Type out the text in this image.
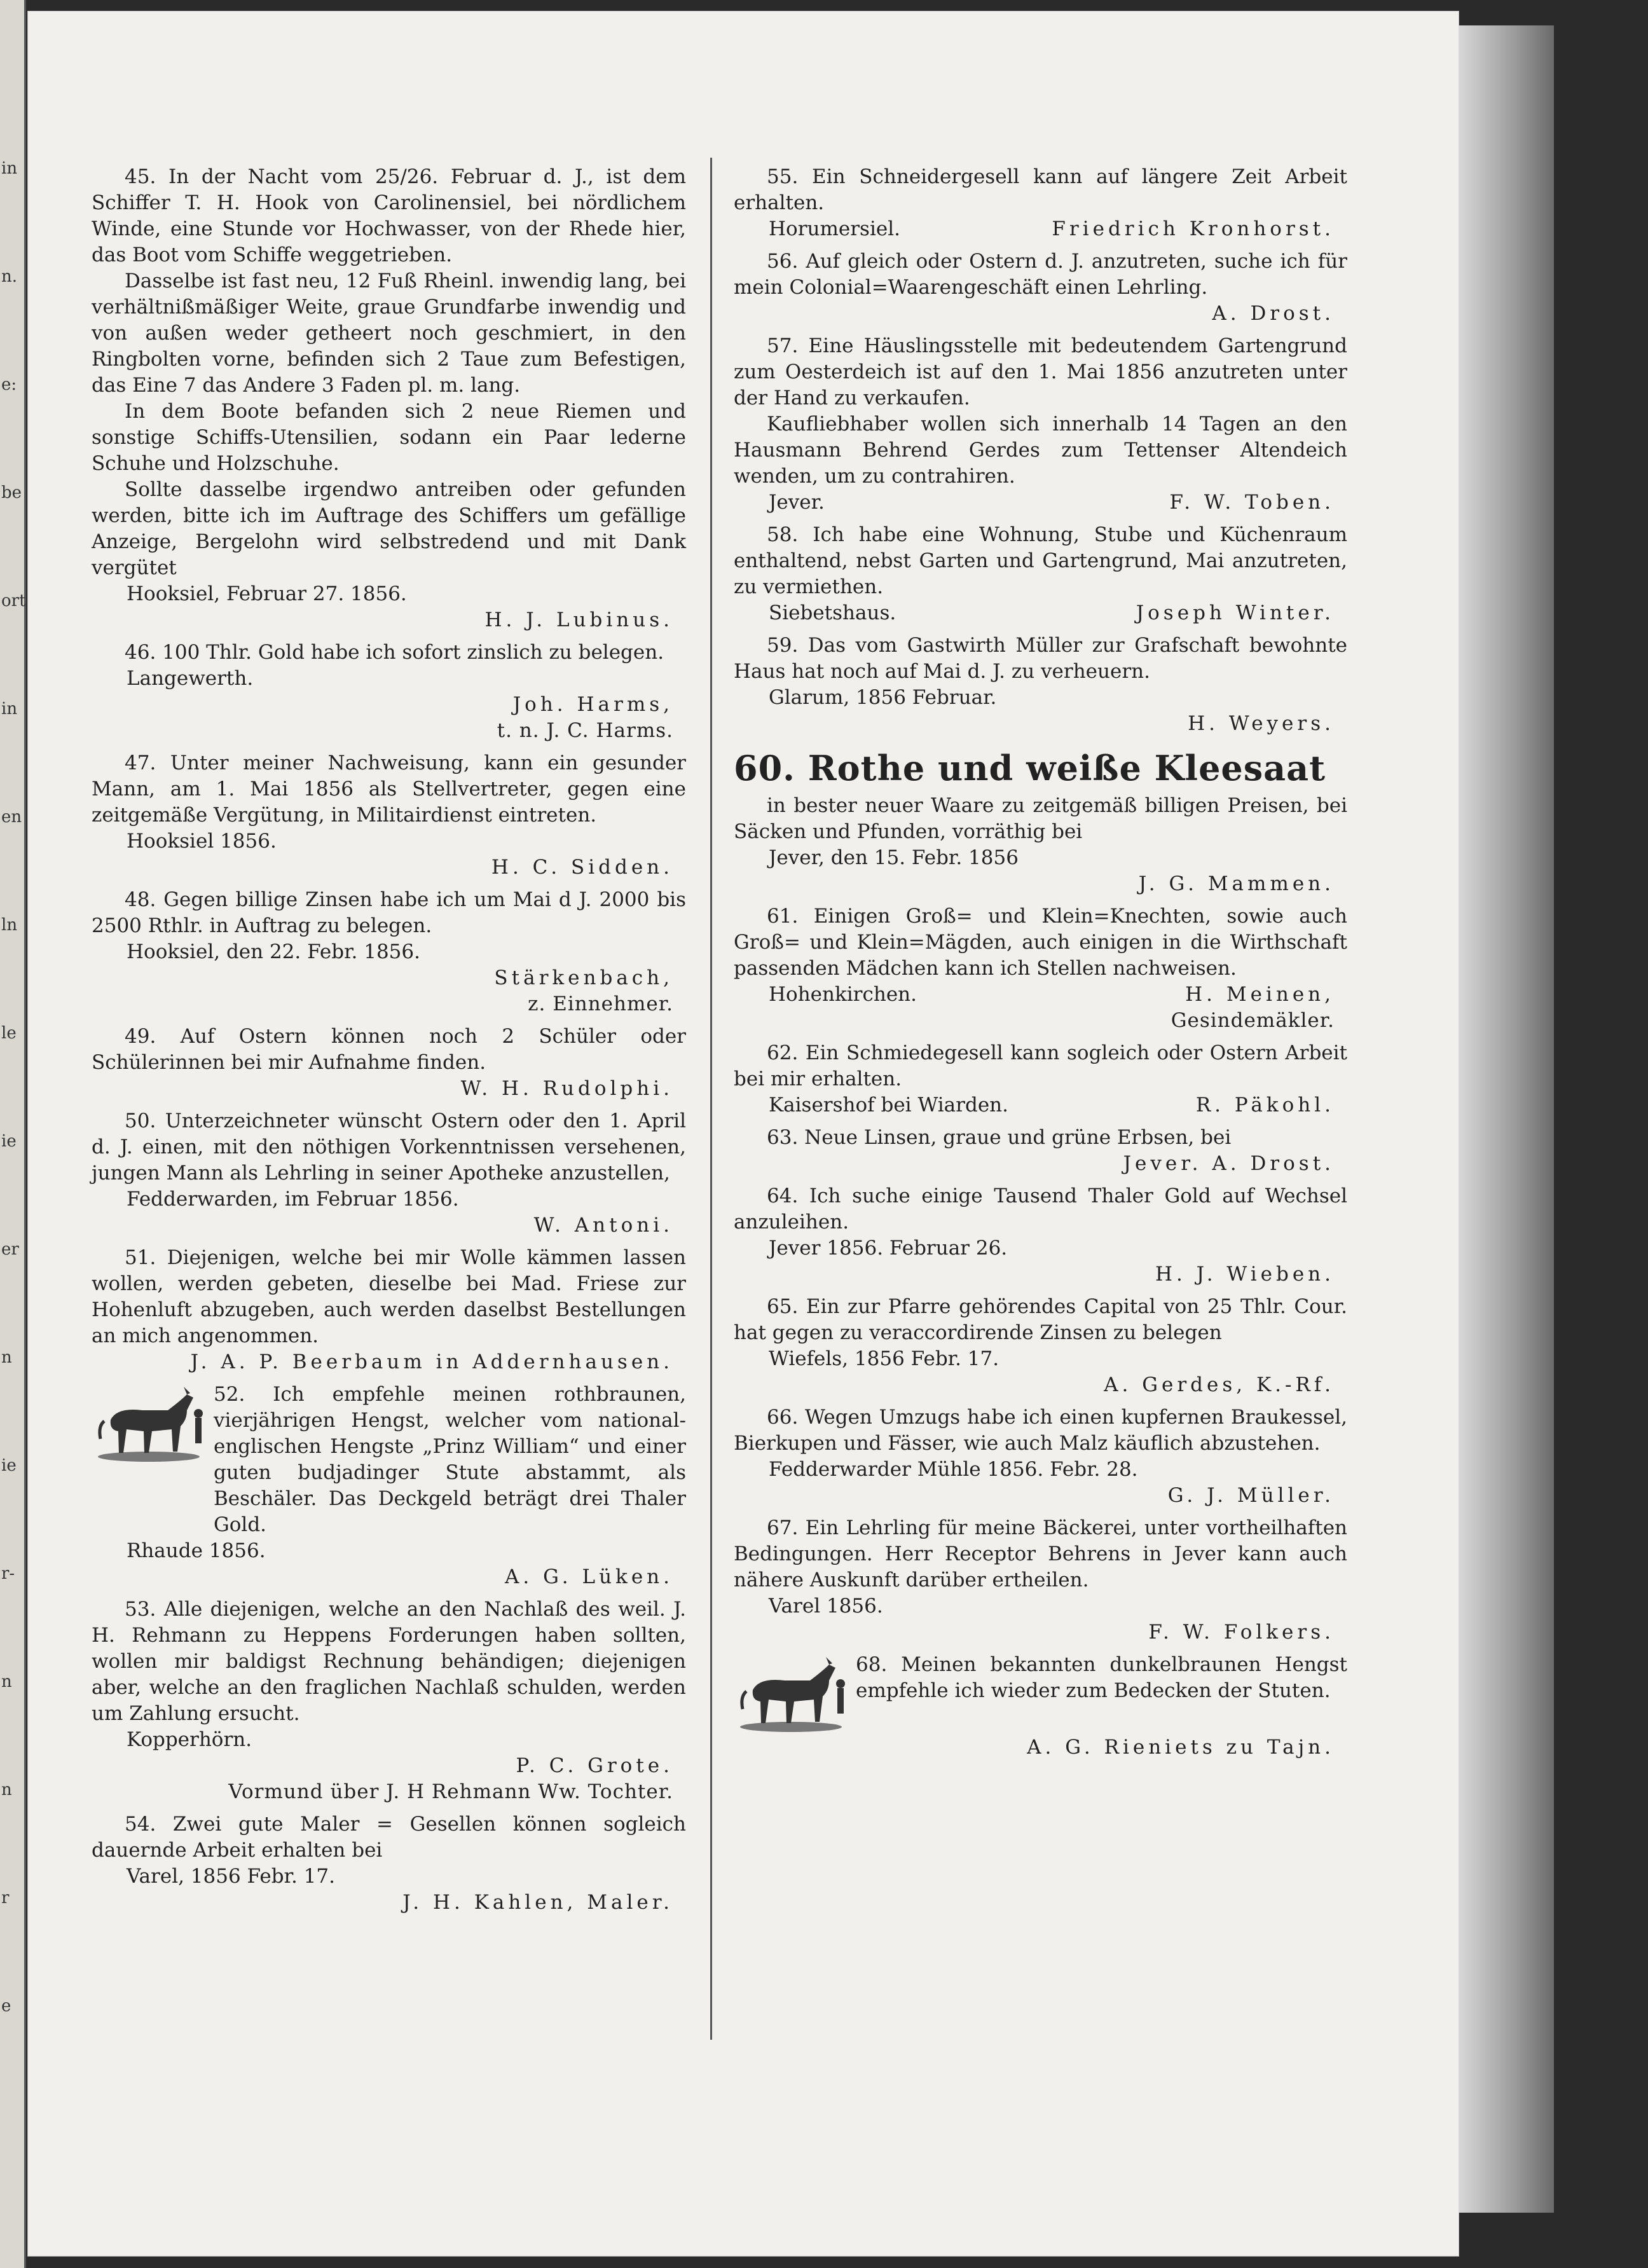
in
n.
e:
be
ort
in
en
ln
le
ie
er
n
ie
r-
n
n
r
e

45. In der Nacht vom 25/26. Februar d. J., ist dem Schiffer T. H. Hook von Carolinensiel, bei nördlichem Winde, eine Stunde vor Hochwasser, von der Rhede hier, das Boot vom Schiffe weggetrieben.

Dasselbe ist fast neu, 12 Fuß Rheinl. inwendig lang, bei verhältnißmäßiger Weite, graue Grundfarbe inwendig und von außen weder getheert noch geschmiert, in den Ringbolten vorne, befinden sich 2 Taue zum Befestigen, das Eine 7 das Andere 3 Faden pl. m. lang.

In dem Boote befanden sich 2 neue Riemen und sonstige Schiffs-Utensilien, sodann ein Paar lederne Schuhe und Holzschuhe.

Sollte dasselbe irgendwo antreiben oder gefunden werden, bitte ich im Auftrage des Schiffers um gefällige Anzeige, Bergelohn wird selbstredend und mit Dank vergütet

Hooksiel, Februar 27. 1856.

H. J. Lubinus.

46. 100 Thlr. Gold habe ich sofort zinslich zu belegen.

Langewerth.

Joh. Harms,

t. n. J. C. Harms.

47. Unter meiner Nachweisung, kann ein gesunder Mann, am 1. Mai 1856 als Stellvertreter, gegen eine zeitgemäße Vergütung, in Militairdienst eintreten.

Hooksiel 1856.

H. C. Sidden.

48. Gegen billige Zinsen habe ich um Mai d J. 2000 bis 2500 Rthlr. in Auftrag zu belegen.

Hooksiel, den 22. Febr. 1856.

Stärkenbach,

z. Einnehmer.

49. Auf Ostern können noch 2 Schüler oder Schülerinnen bei mir Aufnahme finden.

W. H. Rudolphi.

50. Unterzeichneter wünscht Ostern oder den 1. April d. J. einen, mit den nöthigen Vorkenntnissen versehenen, jungen Mann als Lehrling in seiner Apotheke anzustellen,

Fedderwarden, im Februar 1856.

W. Antoni.

51. Diejenigen, welche bei mir Wolle kämmen lassen wollen, werden gebeten, dieselbe bei Mad. Friese zur Hohenluft abzugeben, auch werden daselbst Bestellungen an mich angenommen.

J. A. P. Beerbaum in Addernhausen.

52. Ich empfehle meinen rothbraunen, vierjährigen Hengst, welcher vom national-englischen Hengste „Prinz William“ und einer guten budjadinger Stute abstammt, als Beschäler. Das Deckgeld beträgt drei Thaler Gold.

Rhaude 1856.

A. G. Lüken.

53. Alle diejenigen, welche an den Nachlaß des weil. J. H. Rehmann zu Heppens Forderungen haben sollten, wollen mir baldigst Rechnung behändigen; diejenigen aber, welche an den fraglichen Nachlaß schulden, werden um Zahlung ersucht.

Kopperhörn.

P. C. Grote.

Vormund über J. H Rehmann Ww. Tochter.

54. Zwei gute Maler = Gesellen können sogleich dauernde Arbeit erhalten bei

Varel, 1856 Febr. 17.

J. H. Kahlen, Maler.

55. Ein Schneidergesell kann auf längere Zeit Arbeit erhalten.

Horumersiel.	Friedrich Kronhorst.

56. Auf gleich oder Ostern d. J. anzutreten, suche ich für mein Colonial=Waarengeschäft einen Lehrling.

A. Drost.

57. Eine Häuslingsstelle mit bedeutendem Gartengrund zum Oesterdeich ist auf den 1. Mai 1856 anzutreten unter der Hand zu verkaufen.

Kaufliebhaber wollen sich innerhalb 14 Tagen an den Hausmann Behrend Gerdes zum Tettenser Altendeich wenden, um zu contrahiren.

Jever.	F. W. Toben.

58. Ich habe eine Wohnung, Stube und Küchenraum enthaltend, nebst Garten und Gartengrund, Mai anzutreten, zu vermiethen.

Siebetshaus.	Joseph Winter.

59. Das vom Gastwirth Müller zur Grafschaft bewohnte Haus hat noch auf Mai d. J. zu verheuern.

Glarum, 1856 Februar.

H. Weyers.

60. Rothe und weiße Kleesaat

in bester neuer Waare zu zeitgemäß billigen Preisen, bei Säcken und Pfunden, vorräthig bei

Jever, den 15. Febr. 1856

J. G. Mammen.

61. Einigen Groß= und Klein=Knechten, sowie auch Groß= und Klein=Mägden, auch einigen in die Wirthschaft passenden Mädchen kann ich Stellen nachweisen.

Hohenkirchen.	H. Meinen,

Gesindemäkler.

62. Ein Schmiedegesell kann sogleich oder Ostern Arbeit bei mir erhalten.

Kaisershof bei Wiarden.	R. Päkohl.

63. Neue Linsen, graue und grüne Erbsen, bei

Jever. A. Drost.

64. Ich suche einige Tausend Thaler Gold auf Wechsel anzuleihen.

Jever 1856. Februar 26.

H. J. Wieben.

65. Ein zur Pfarre gehörendes Capital von 25 Thlr. Cour. hat gegen zu veraccordirende Zinsen zu belegen

Wiefels, 1856 Febr. 17.

A. Gerdes, K.-Rf.

66. Wegen Umzugs habe ich einen kupfernen Braukessel, Bierkupen und Fässer, wie auch Malz käuflich abzustehen.

Fedderwarder Mühle 1856. Febr. 28.

G. J. Müller.

67. Ein Lehrling für meine Bäckerei, unter vortheilhaften Bedingungen. Herr Receptor Behrens in Jever kann auch nähere Auskunft darüber ertheilen.

Varel 1856.

F. W. Folkers.

68. Meinen bekannten dunkelbraunen Hengst empfehle ich wieder zum Bedecken der Stuten.

A. G. Rieniets zu Tajn.
